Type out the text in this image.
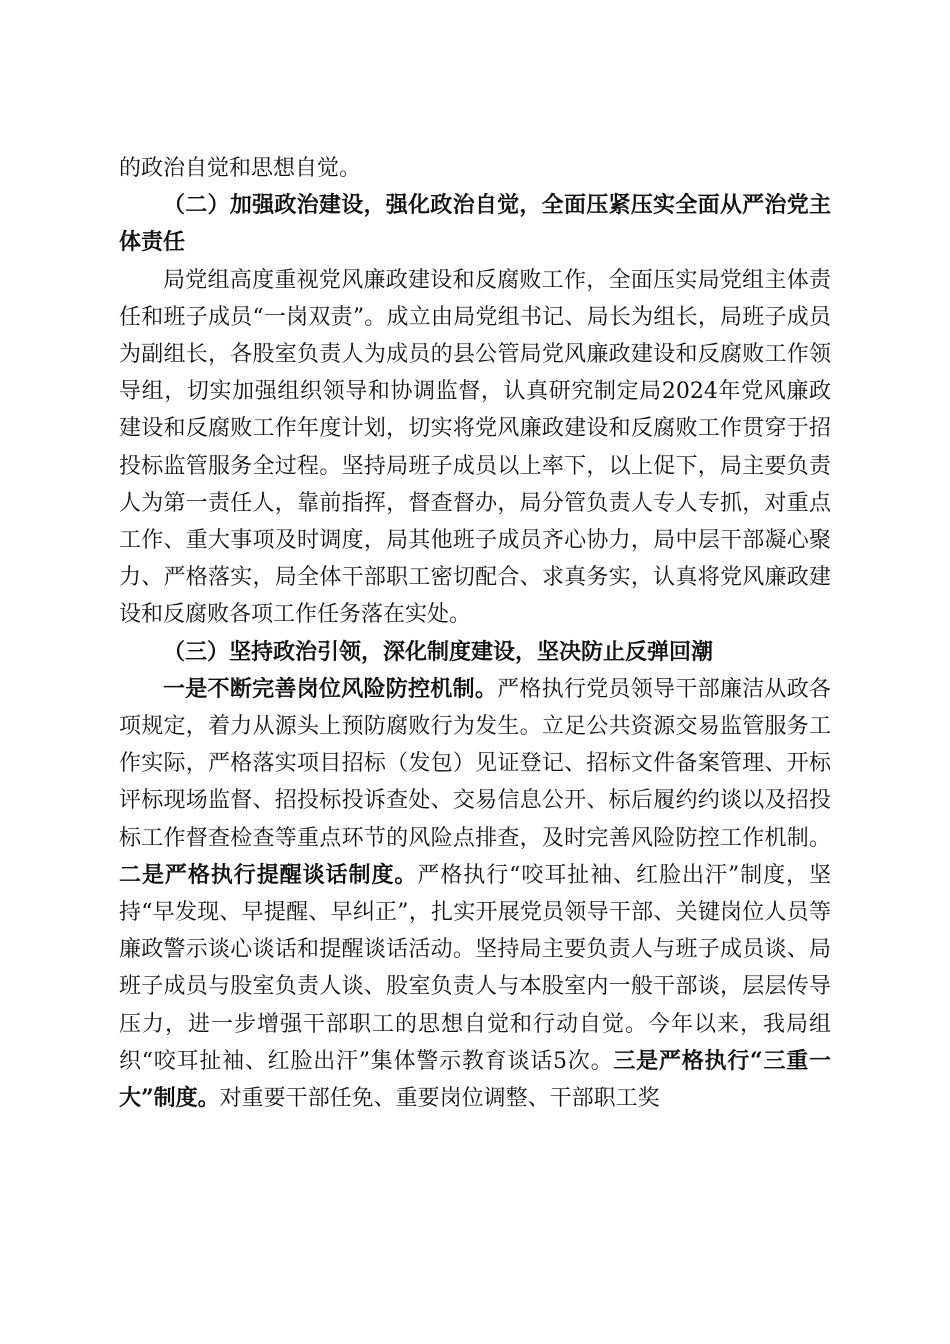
的政治自觉和思想自觉。

（二）加强政治建设，强化政治自觉，全面压紧压实全面从严治党主体责任

局党组高度重视党风廉政建设和反腐败工作，全面压实局党组主体责任和班子成员“一岗双责”。成立由局党组书记、局长为组长，局班子成员为副组长，各股室负责人为成员的县公管局党风廉政建设和反腐败工作领导组，切实加强组织领导和协调监督，认真研究制定局2024年党风廉政建设和反腐败工作年度计划，切实将党风廉政建设和反腐败工作贯穿于招投标监管服务全过程。坚持局班子成员以上率下，以上促下，局主要负责人为第一责任人，靠前指挥，督查督办，局分管负责人专人专抓，对重点工作、重大事项及时调度，局其他班子成员齐心协力，局中层干部凝心聚力、严格落实，局全体干部职工密切配合、求真务实，认真将党风廉政建设和反腐败各项工作任务落在实处。

（三）坚持政治引领，深化制度建设，坚决防止反弹回潮

一是不断完善岗位风险防控机制。严格执行党员领导干部廉洁从政各项规定，着力从源头上预防腐败行为发生。立足公共资源交易监管服务工作实际，严格落实项目招标（发包）见证登记、招标文件备案管理、开标评标现场监督、招投标投诉查处、交易信息公开、标后履约约谈以及招投标工作督查检查等重点环节的风险点排查，及时完善风险防控工作机制。二是严格执行提醒谈话制度。严格执行“咬耳扯袖、红脸出汗”制度，坚持“早发现、早提醒、早纠正”，扎实开展党员领导干部、关键岗位人员等廉政警示谈心谈话和提醒谈话活动。坚持局主要负责人与班子成员谈、局班子成员与股室负责人谈、股室负责人与本股室内一般干部谈，层层传导压力，进一步增强干部职工的思想自觉和行动自觉。今年以来，我局组织“咬耳扯袖、红脸出汗”集体警示教育谈话5次。三是严格执行“三重一大”制度。对重要干部任免、重要岗位调整、干部职工奖
